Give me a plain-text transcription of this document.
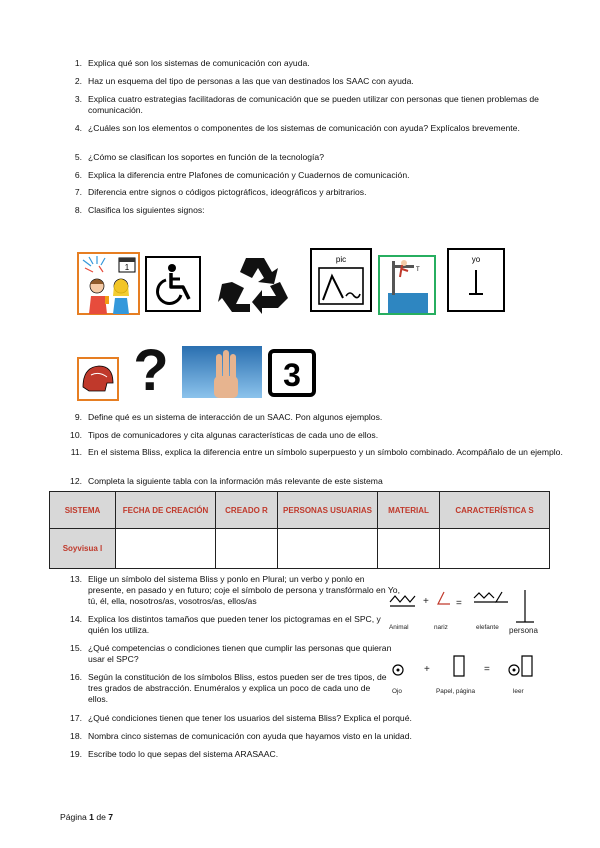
1. Explica qué son los sistemas de comunicación con ayuda.
2. Haz un esquema del tipo de personas a las que van destinados los SAAC con ayuda.
3. Explica cuatro estrategias facilitadoras de comunicación que se pueden utilizar con personas que tienen problemas de comunicación.
4. ¿Cuáles son los elementos o componentes de los sistemas de comunicación con ayuda? Explícalos brevemente.
5. ¿Cómo se clasifican los soportes en función de la tecnología?
6. Explica la diferencia entre Plafones de comunicación y Cuadernos de comunicación.
7. Diferencia entre signos o códigos pictográficos, ideográficos y arbitrarios.
8. Clasifica los siguientes signos:
1
pic
T
yo
?	3
9. Define qué es un sistema de interacción de un SAAC. Pon algunos ejemplos.
10. Tipos de comunicadores y cita algunas características de cada uno de ellos.
11. En el sistema Bliss, explica la diferencia entre un símbolo superpuesto y un símbolo combinado. Acompáñalo de un ejemplo.
12. Completa la siguiente tabla con la información más relevante de este sistema
SISTEMA	FECHA DE CREACIÓN	CREADO R	PERSONAS USUARIAS	MATERIAL	CARACTERÍSTICA S
Soyvisua l					
13. Elige un símbolo del sistema Bliss y ponlo en Plural; un verbo y ponlo en presente, en pasado y en futuro; coje el símbolo de persona y transfórmalo en Yo, tú, él, ella, nosotros/as, vosotros/as, ellos/as
14. Explica los distintos tamaños que pueden tener los pictogramas en el SPC, y quién los utiliza.
15. ¿Qué competencias o condiciones tienen que cumplir las personas que quieran usar el SPC?
16. Según la constitución de los símbolos Bliss, estos pueden ser de tres tipos, de tres grados de abstracción. Enuméralos y explica un poco de cada uno de ellos.
17. ¿Qué condiciones tienen que tener los usuarios del sistema Bliss? Explica el porqué.
18. Nombra cinco sistemas de comunicación con ayuda que hayamos visto en la unidad.
19. Escribe todo lo que sepas del sistema ARASAAC.
+	=
+	=
Animal	nariz	elefante persona
Ojo	Papel, página	leer
Página 1 de 7
